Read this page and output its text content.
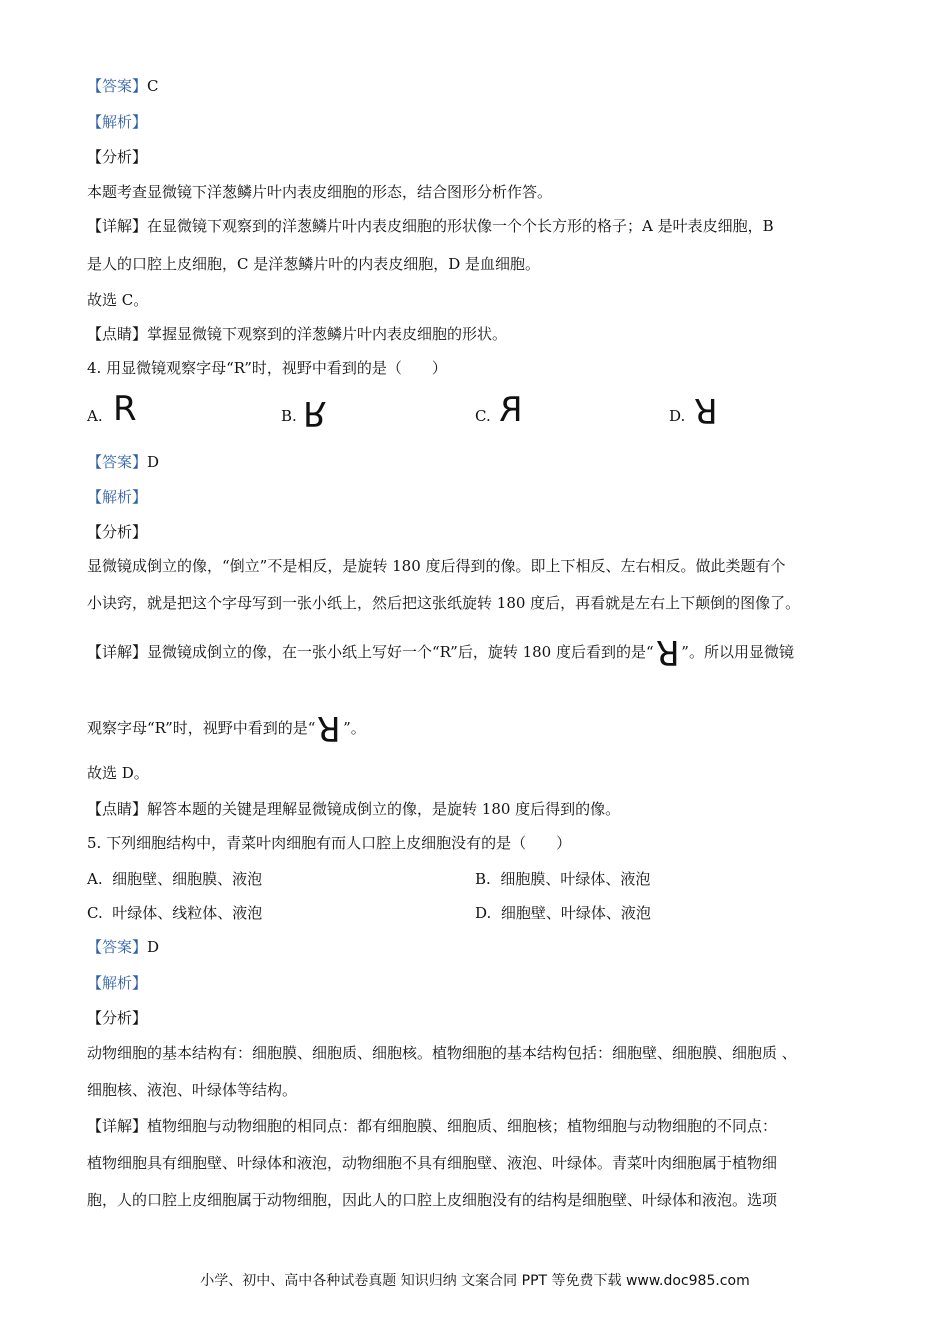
【答案】C
【解析】
【分析】
本题考查显微镜下洋葱鳞片叶内表皮细胞的形态，结合图形分析作答。
【详解】在显微镜下观察到的洋葱鳞片叶内表皮细胞的形状像一个个长方形的格子；A 是叶表皮细胞，B
是人的口腔上皮细胞，C 是洋葱鳞片叶的内表皮细胞，D 是血细胞。
故选 C。
【点睛】掌握显微镜下观察到的洋葱鳞片叶内表皮细胞的形状。
4. 用显微镜观察字母“R”时，视野中看到的是（　　）
A. R	B. R	C. R	D. R
【答案】D
【解析】
【分析】
显微镜成倒立的像，“倒立”不是相反，是旋转 180 度后得到的像。即上下相反、左右相反。做此类题有个
小诀窍，就是把这个字母写到一张小纸上，然后把这张纸旋转 180 度后，再看就是左右上下颠倒的图像了。
【详解】显微镜成倒立的像，在一张小纸上写好一个“R”后，旋转 180 度后看到的是“R ”。所以用显微镜
观察字母“R”时，视野中看到的是“R ”。
故选 D。
【点睛】解答本题的关键是理解显微镜成倒立的像，是旋转 180 度后得到的像。
5. 下列细胞结构中，青菜叶肉细胞有而人口腔上皮细胞没有的是（　　）
A. 细胞壁、细胞膜、液泡	B. 细胞膜、叶绿体、液泡
C. 叶绿体、线粒体、液泡	D. 细胞壁、叶绿体、液泡
【答案】D
【解析】
【分析】
动物细胞的基本结构有：细胞膜、细胞质、细胞核。植物细胞的基本结构包括：细胞壁、细胞膜、细胞质 、
细胞核、液泡、叶绿体等结构。
【详解】植物细胞与动物细胞的相同点：都有细胞膜、细胞质、细胞核；植物细胞与动物细胞的不同点：
植物细胞具有细胞壁、叶绿体和液泡，动物细胞不具有细胞壁、液泡、叶绿体。青菜叶肉细胞属于植物细
胞，人的口腔上皮细胞属于动物细胞，因此人的口腔上皮细胞没有的结构是细胞壁、叶绿体和液泡。选项
小学、初中、高中各种试卷真题 知识归纳 文案合同 PPT 等免费下载 www.doc985.com
